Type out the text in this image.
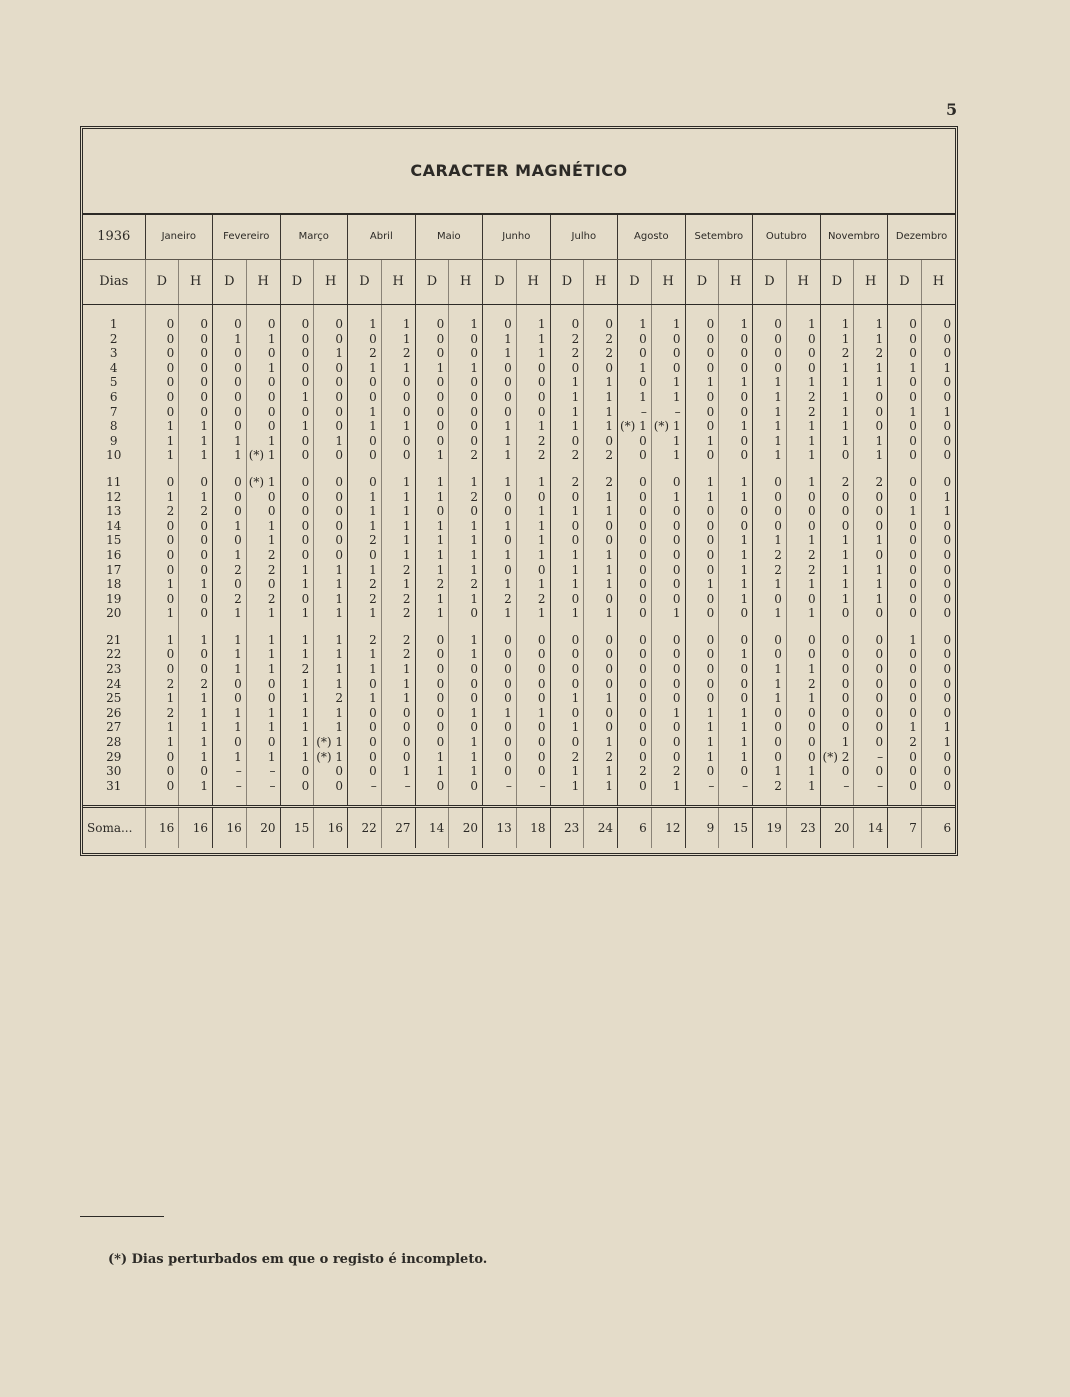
5
CARACTER MAGNÉTICO
1936	Janeiro		Fevereiro		Março		Abril		Maio		Junho		Julho		Agosto		Setembro		Outubro		Novembro		Dezembro	
Dias	D	H	D	H	D	H	D	H	D	H	D	H	D	H	D	H	D	H	D	H	D	H	D	H

1	0	0	0	0	0	0	1	1	0	1	0	1	0	0	1	1	0	1	0	1	1	1	0	0
2	0	0	1	1	0	0	0	1	0	0	1	1	2	2	0	0	0	0	0	0	1	1	0	0
3	0	0	0	0	0	1	2	2	0	0	1	1	2	2	0	0	0	0	0	0	2	2	0	0
4	0	0	0	1	0	0	1	1	1	1	0	0	0	0	1	0	0	0	0	0	1	1	1	1
5	0	0	0	0	0	0	0	0	0	0	0	0	1	1	0	1	1	1	1	1	1	1	0	0
6	0	0	0	0	1	0	0	0	0	0	0	0	1	1	1	1	0	0	1	2	1	0	0	0
7	0	0	0	0	0	0	1	0	0	0	0	0	1	1	–	–	0	0	1	2	1	0	1	1
8	1	1	0	0	1	0	1	1	0	0	1	1	1	1	(*) 1	(*) 1	0	1	1	1	1	0	0	0
9	1	1	1	1	0	1	0	0	0	0	1	2	0	0	0	1	1	0	1	1	1	1	0	0
10	1	1	1	(*) 1	0	0	0	0	1	2	1	2	2	2	0	1	0	0	1	1	0	1	0	0

11	0	0	0	(*) 1	0	0	0	1	1	1	1	1	2	2	0	0	1	1	0	1	2	2	0	0
12	1	1	0	0	0	0	1	1	1	2	0	0	0	1	0	1	1	1	0	0	0	0	0	1
13	2	2	0	0	0	0	1	1	0	0	0	1	1	1	0	0	0	0	0	0	0	0	1	1
14	0	0	1	1	0	0	1	1	1	1	1	1	0	0	0	0	0	0	0	0	0	0	0	0
15	0	0	0	1	0	0	2	1	1	1	0	1	0	0	0	0	0	1	1	1	1	1	0	0
16	0	0	1	2	0	0	0	1	1	1	1	1	1	1	0	0	0	1	2	2	1	0	0	0
17	0	0	2	2	1	1	1	2	1	1	0	0	1	1	0	0	0	1	2	2	1	1	0	0
18	1	1	0	0	1	1	2	1	2	2	1	1	1	1	0	0	1	1	1	1	1	1	0	0
19	0	0	2	2	0	1	2	2	1	1	2	2	0	0	0	0	0	1	0	0	1	1	0	0
20	1	0	1	1	1	1	1	2	1	0	1	1	1	1	0	1	0	0	1	1	0	0	0	0

21	1	1	1	1	1	1	2	2	0	1	0	0	0	0	0	0	0	0	0	0	0	0	1	0
22	0	0	1	1	1	1	1	2	0	1	0	0	0	0	0	0	0	1	0	0	0	0	0	0
23	0	0	1	1	2	1	1	1	0	0	0	0	0	0	0	0	0	0	1	1	0	0	0	0
24	2	2	0	0	1	1	0	1	0	0	0	0	0	0	0	0	0	0	1	2	0	0	0	0
25	1	1	0	0	1	2	1	1	0	0	0	0	1	1	0	0	0	0	1	1	0	0	0	0
26	2	1	1	1	1	1	0	0	0	1	1	1	0	0	0	1	1	1	0	0	0	0	0	0
27	1	1	1	1	1	1	0	0	0	0	0	0	1	0	0	0	1	1	0	0	0	0	1	1
28	1	1	0	0	1	(*) 1	0	0	0	1	0	0	0	1	0	0	1	1	0	0	1	0	2	1
29	0	1	1	1	1	(*) 1	0	0	1	1	0	0	2	2	0	0	1	1	0	0	(*) 2	–	0	0
30	0	0	–	–	0	0	0	1	1	1	0	0	1	1	2	2	0	0	1	1	0	0	0	0
31	0	1	–	–	0	0	–	–	0	0	–	–	1	1	0	1	–	–	2	1	–	–	0	0

Soma...	16	16	16	20	15	16	22	27	14	20	13	18	23	24	6	12	9	15	19	23	20	14	7	6
(*) Dias perturbados em que o registo é incompleto.
